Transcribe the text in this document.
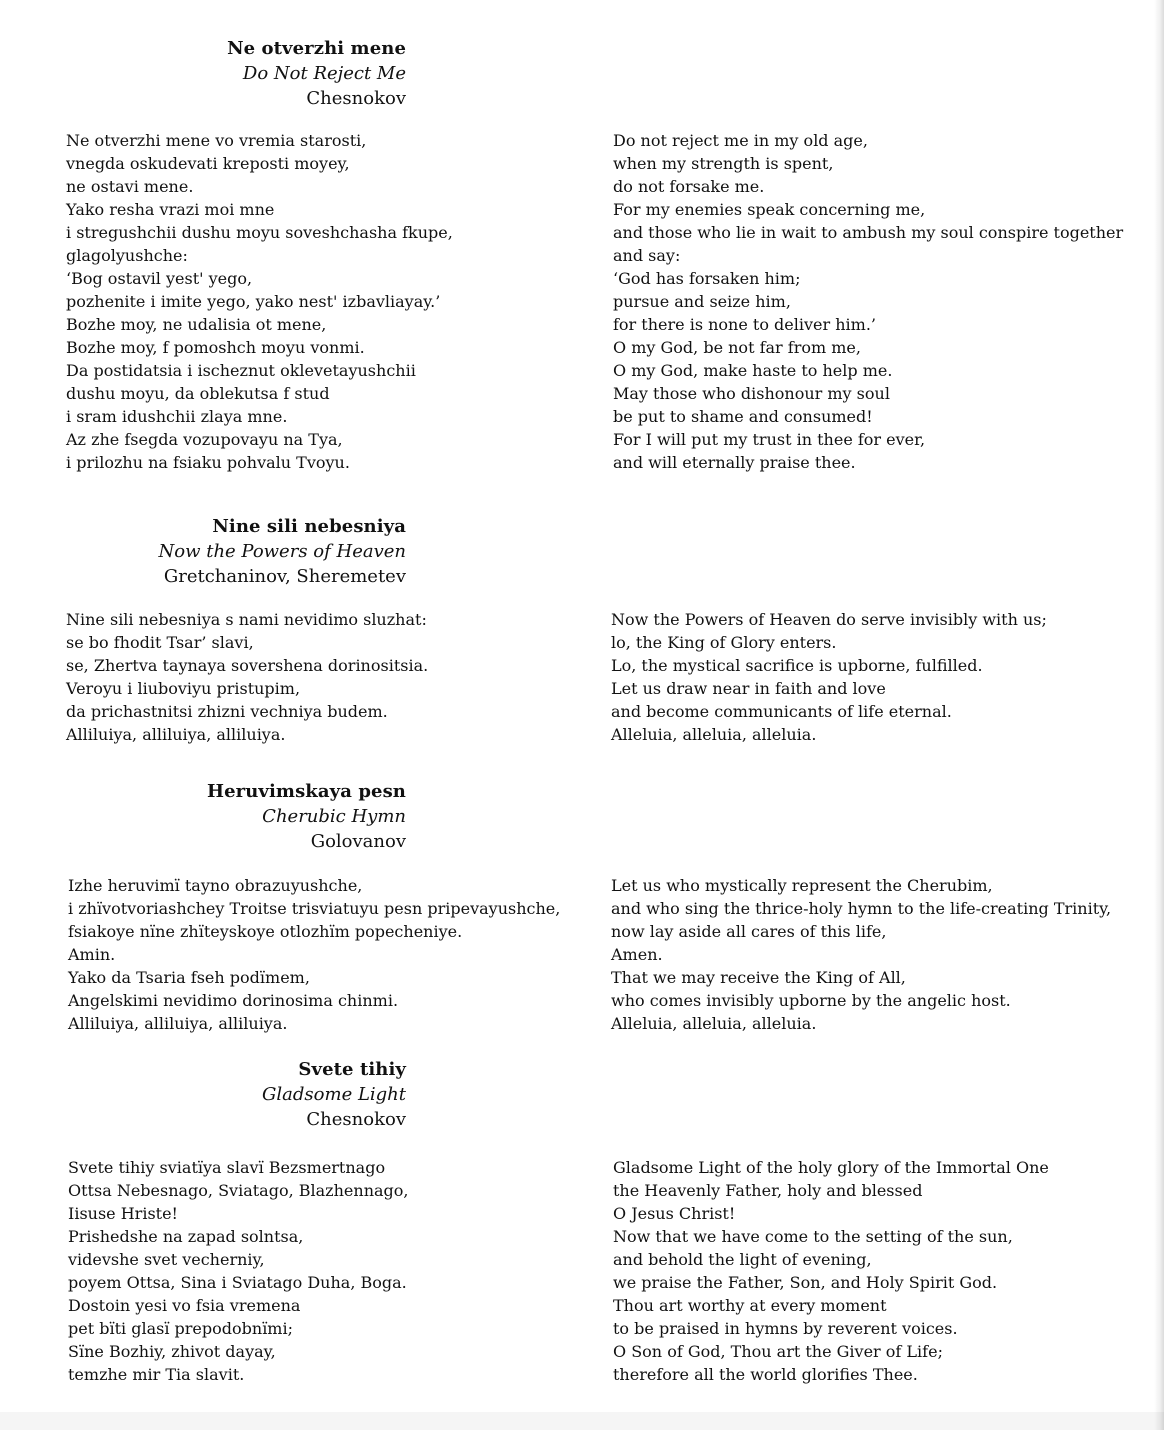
Ne otverzhi mene
Do Not Reject Me
Chesnokov
Ne otverzhi mene vo vremia starosti,
vnegda oskudevati kreposti moyey,
ne ostavi mene.
Yako resha vrazi moi mne
i stregushchii dushu moyu soveshchasha fkupe,
glagolyushche:
‘Bog ostavil yest' yego,
pozhenite i imite yego, yako nest' izbavliayay.’
Bozhe moy, ne udalisia ot mene,
Bozhe moy, f pomoshch moyu vonmi.
Da postidatsia i ischeznut oklevetayushchii
dushu moyu, da oblekutsa f stud
i sram idushchii zlaya mne.
Az zhe fsegda vozupovayu na Tya,
i prilozhu na fsiaku pohvalu Tvoyu.
Do not reject me in my old age,
when my strength is spent,
do not forsake me.
For my enemies speak concerning me,
and those who lie in wait to ambush my soul conspire together
and say:
‘God has forsaken him;
pursue and seize him,
for there is none to deliver him.’
O my God, be not far from me,
O my God, make haste to help me.
May those who dishonour my soul
be put to shame and consumed!
For I will put my trust in thee for ever,
and will eternally praise thee.
Nine sili nebesniya
Now the Powers of Heaven
Gretchaninov, Sheremetev
Nine sili nebesniya s nami nevidimo sluzhat:
se bo fhodit Tsar’ slavi,
se, Zhertva taynaya sovershena dorinositsia.
Veroyu i liuboviyu pristupim,
da prichastnitsi zhizni vechniya budem.
Alliluiya, alliluiya, alliluiya.
Now the Powers of Heaven do serve invisibly with us;
lo, the King of Glory enters.
Lo, the mystical sacrifice is upborne, fulfilled.
Let us draw near in faith and love
and become communicants of life eternal.
Alleluia, alleluia, alleluia.
Heruvimskaya pesn
Cherubic Hymn
Golovanov
Izhe heruvimï tayno obrazuyushche,
i zhïvotvoriashchey Troitse trisviatuyu pesn pripevayushche,
fsiakoye nïne zhïteyskoye otlozhïm popecheniye.
Amin.
Yako da Tsaria fseh podïmem,
Angelskimi nevidimo dorinosima chinmi.
Alliluiya, alliluiya, alliluiya.
Let us who mystically represent the Cherubim,
and who sing the thrice-holy hymn to the life-creating Trinity,
now lay aside all cares of this life,
Amen.
That we may receive the King of All,
who comes invisibly upborne by the angelic host.
Alleluia, alleluia, alleluia.
Svete tihiy
Gladsome Light
Chesnokov
Svete tihiy sviatïya slavï Bezsmertnago
Ottsa Nebesnago, Sviatago, Blazhennago,
Iisuse Hriste!
Prishedshe na zapad solntsa,
videvshe svet vecherniy,
poyem Ottsa, Sina i Sviatago Duha, Boga.
Dostoin yesi vo fsia vremena
pet bïti glasï prepodobnïmi;
Sïne Bozhiy, zhivot dayay,
temzhe mir Tia slavit.
Gladsome Light of the holy glory of the Immortal One
the Heavenly Father, holy and blessed
O Jesus Christ!
Now that we have come to the setting of the sun,
and behold the light of evening,
we praise the Father, Son, and Holy Spirit God.
Thou art worthy at every moment
to be praised in hymns by reverent voices.
O Son of God, Thou art the Giver of Life;
therefore all the world glorifies Thee.
